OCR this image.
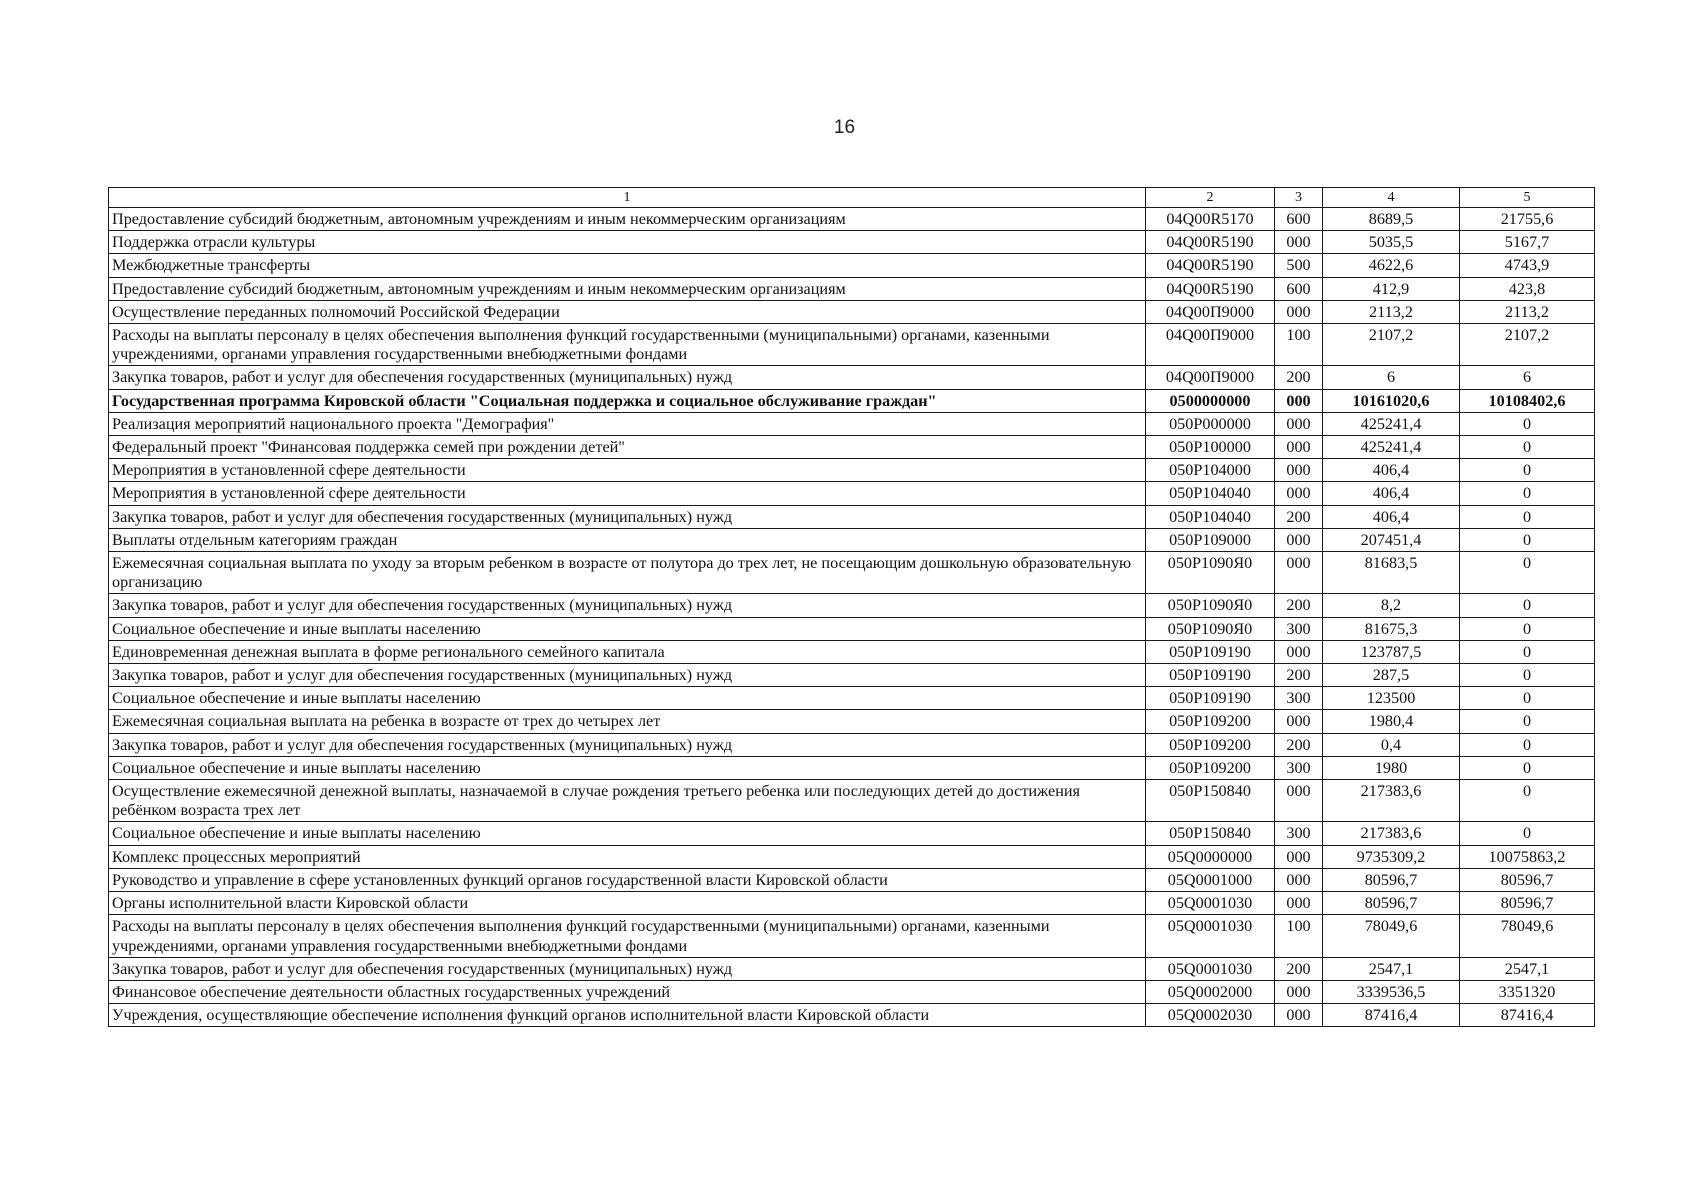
16
1	2	3	4	5
Предоставление субсидий бюджетным, автономным учреждениям и иным некоммерческим организациям	04Q00R5170	600	8689,5	21755,6
Поддержка отрасли культуры	04Q00R5190	000	5035,5	5167,7
Межбюджетные трансферты	04Q00R5190	500	4622,6	4743,9
Предоставление субсидий бюджетным, автономным учреждениям и иным некоммерческим организациям	04Q00R5190	600	412,9	423,8
Осуществление переданных полномочий Российской Федерации	04Q00П9000	000	2113,2	2113,2
Расходы на выплаты персоналу в целях обеспечения выполнения функций государственными (муниципальными) органами, казенными учреждениями, органами управления государственными внебюджетными фондами	04Q00П9000	100	2107,2	2107,2
Закупка товаров, работ и услуг для обеспечения государственных (муниципальных) нужд	04Q00П9000	200	6	6
Государственная программа Кировской области "Социальная поддержка и социальное обслуживание граждан"	0500000000	000	10161020,6	10108402,6
Реализация мероприятий национального проекта "Демография"	050P000000	000	425241,4	0
Федеральный проект "Финансовая поддержка семей при рождении детей"	050P100000	000	425241,4	0
Мероприятия в установленной сфере деятельности	050P104000	000	406,4	0
Мероприятия в установленной сфере деятельности	050P104040	000	406,4	0
Закупка товаров, работ и услуг для обеспечения государственных (муниципальных) нужд	050P104040	200	406,4	0
Выплаты отдельным категориям граждан	050P109000	000	207451,4	0
Ежемесячная социальная выплата по уходу за вторым ребенком в возрасте от полутора до трех лет, не посещающим дошкольную образовательную организацию	050P1090Я0	000	81683,5	0
Закупка товаров, работ и услуг для обеспечения государственных (муниципальных) нужд	050P1090Я0	200	8,2	0
Социальное обеспечение и иные выплаты населению	050P1090Я0	300	81675,3	0
Единовременная денежная выплата в форме регионального семейного капитала	050P109190	000	123787,5	0
Закупка товаров, работ и услуг для обеспечения государственных (муниципальных) нужд	050P109190	200	287,5	0
Социальное обеспечение и иные выплаты населению	050P109190	300	123500	0
Ежемесячная социальная выплата на ребенка в возрасте от трех до четырех лет	050P109200	000	1980,4	0
Закупка товаров, работ и услуг для обеспечения государственных (муниципальных) нужд	050P109200	200	0,4	0
Социальное обеспечение и иные выплаты населению	050P109200	300	1980	0
Осуществление ежемесячной денежной выплаты, назначаемой в случае рождения третьего ребенка или последующих детей до достижения ребёнком возраста трех лет	050P150840	000	217383,6	0
Социальное обеспечение и иные выплаты населению	050P150840	300	217383,6	0
Комплекс процессных мероприятий	05Q0000000	000	9735309,2	10075863,2
Руководство и управление в сфере установленных функций органов государственной власти Кировской области	05Q0001000	000	80596,7	80596,7
Органы исполнительной власти Кировской области	05Q0001030	000	80596,7	80596,7
Расходы на выплаты персоналу в целях обеспечения выполнения функций государственными (муниципальными) органами, казенными учреждениями, органами управления государственными внебюджетными фондами	05Q0001030	100	78049,6	78049,6
Закупка товаров, работ и услуг для обеспечения государственных (муниципальных) нужд	05Q0001030	200	2547,1	2547,1
Финансовое обеспечение деятельности областных государственных учреждений	05Q0002000	000	3339536,5	3351320
Учреждения, осуществляющие обеспечение исполнения функций органов исполнительной власти Кировской области	05Q0002030	000	87416,4	87416,4
